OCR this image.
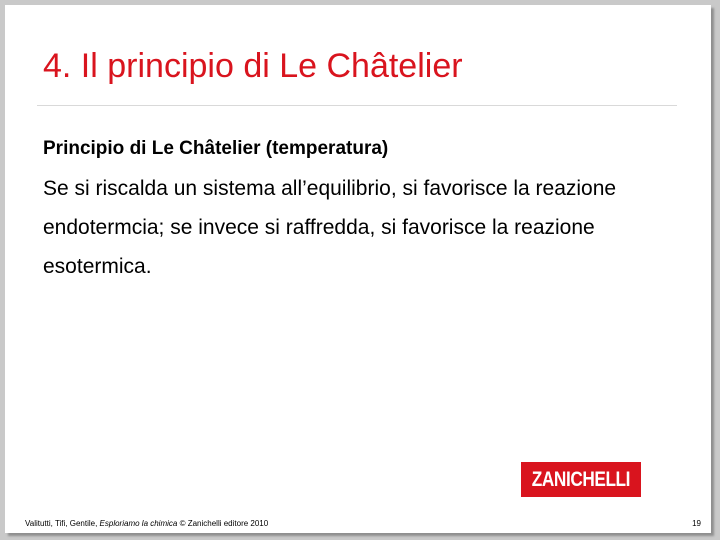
4. Il principio di Le Châtelier

Principio di Le Châtelier (temperatura)

Se si riscalda un sistema all’equilibrio, si favorisce la reazione endotermcia; se invece si raffredda, si favorisce la reazione esotermica.

ZANICHELLI
Valitutti, Tifi, Gentile, Esploriamo la chimica © Zanichelli editore 2010	19
